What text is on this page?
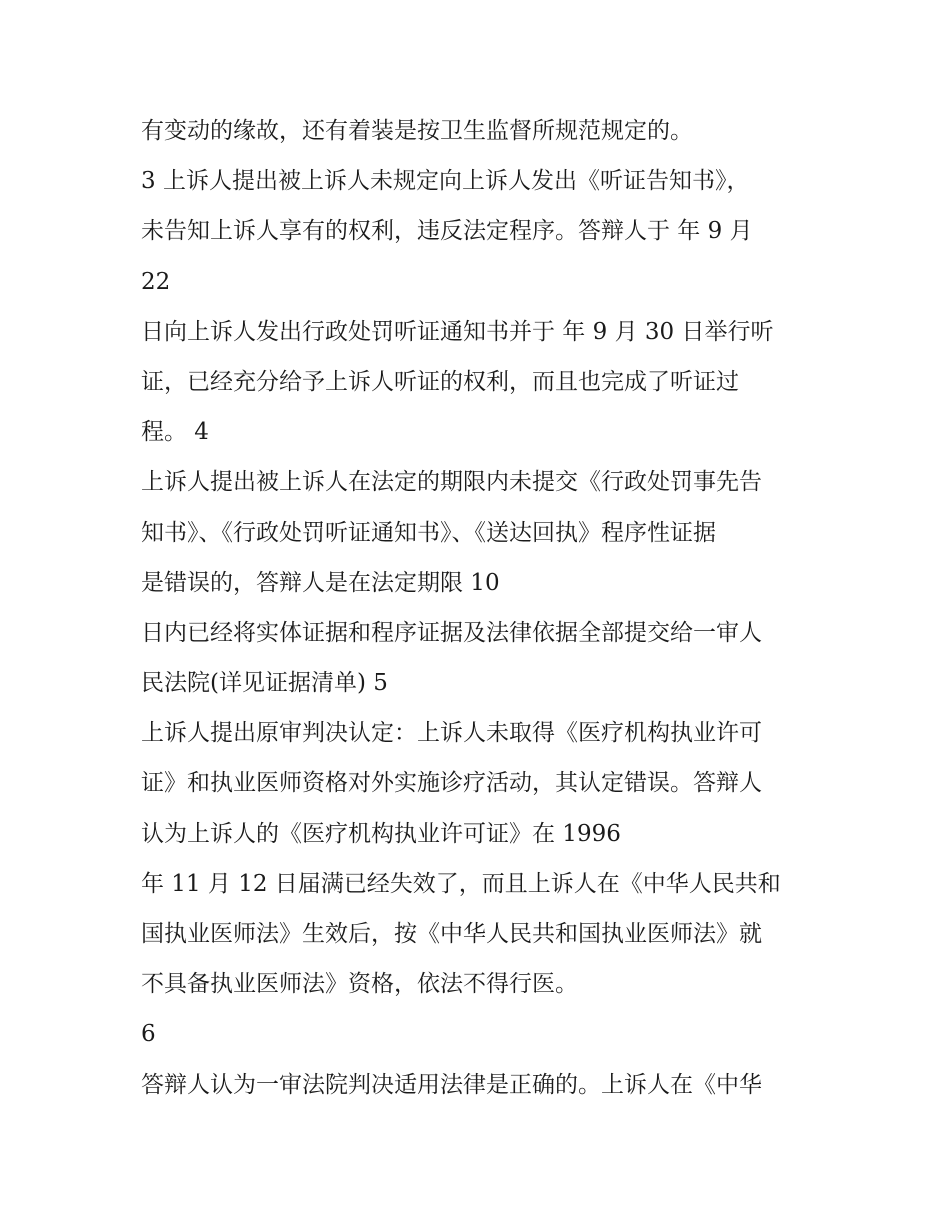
有变动的缘故，还有着装是按卫生监督所规范规定的。
3 上诉人提出被上诉人未规定向上诉人发出《听证告知书》，
未告知上诉人享有的权利，违反法定程序。答辩人于 年 9 月
22
日向上诉人发出行政处罚听证通知书并于 年 9 月 30 日举行听
证，已经充分给予上诉人听证的权利，而且也完成了听证过
程。 4
上诉人提出被上诉人在法定的期限内未提交《行政处罚事先告
知书》、《行政处罚听证通知书》、《送达回执》程序性证据
是错误的，答辩人是在法定期限 10
日内已经将实体证据和程序证据及法律依据全部提交给一审人
民法院(详见证据清单) 5
上诉人提出原审判决认定：上诉人未取得《医疗机构执业许可
证》和执业医师资格对外实施诊疗活动，其认定错误。答辩人
认为上诉人的《医疗机构执业许可证》在 1996
年 11 月 12 日届满已经失效了，而且上诉人在《中华人民共和
国执业医师法》生效后，按《中华人民共和国执业医师法》就
不具备执业医师法》资格，依法不得行医。
6
答辩人认为一审法院判决适用法律是正确的。上诉人在《中华
